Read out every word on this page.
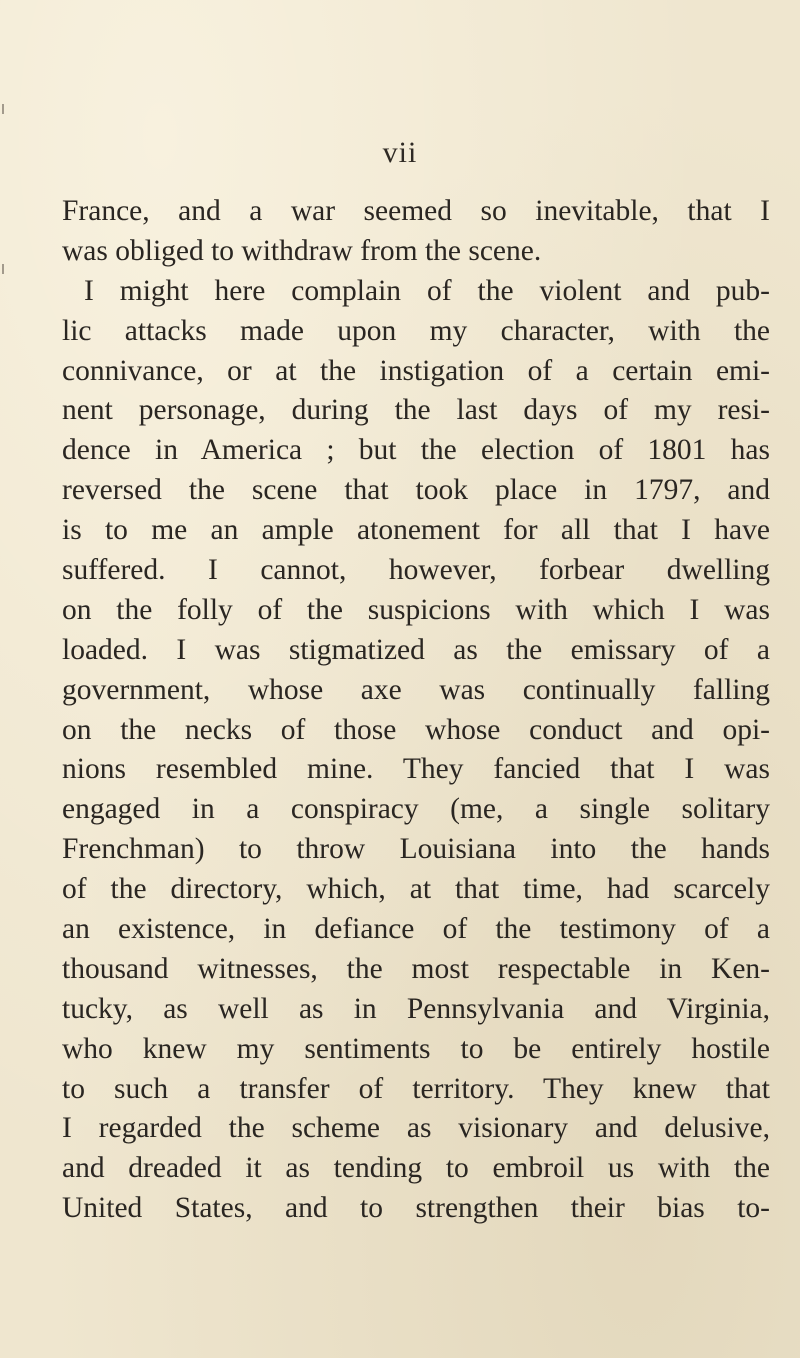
vii
France, and a war seemed so inevitable, that I
was obliged to withdraw from the scene.
I might here complain of the violent and pub-
lic attacks made upon my character, with the
connivance, or at the instigation of a certain emi-
nent personage, during the last days of my resi-
dence in America ; but the election of 1801 has
reversed the scene that took place in 1797, and
is to me an ample atonement for all that I have
suffered. I cannot, however, forbear dwelling
on the folly of the suspicions with which I was
loaded. I was stigmatized as the emissary of a
government, whose axe was continually falling
on the necks of those whose conduct and opi-
nions resembled mine. They fancied that I was
engaged in a conspiracy (me, a single solitary
Frenchman) to throw Louisiana into the hands
of the directory, which, at that time, had scarcely
an existence, in defiance of the testimony of a
thousand witnesses, the most respectable in Ken-
tucky, as well as in Pennsylvania and Virginia,
who knew my sentiments to be entirely hostile
to such a transfer of territory. They knew that
I regarded the scheme as visionary and delusive,
and dreaded it as tending to embroil us with the
United States, and to strengthen their bias to-
